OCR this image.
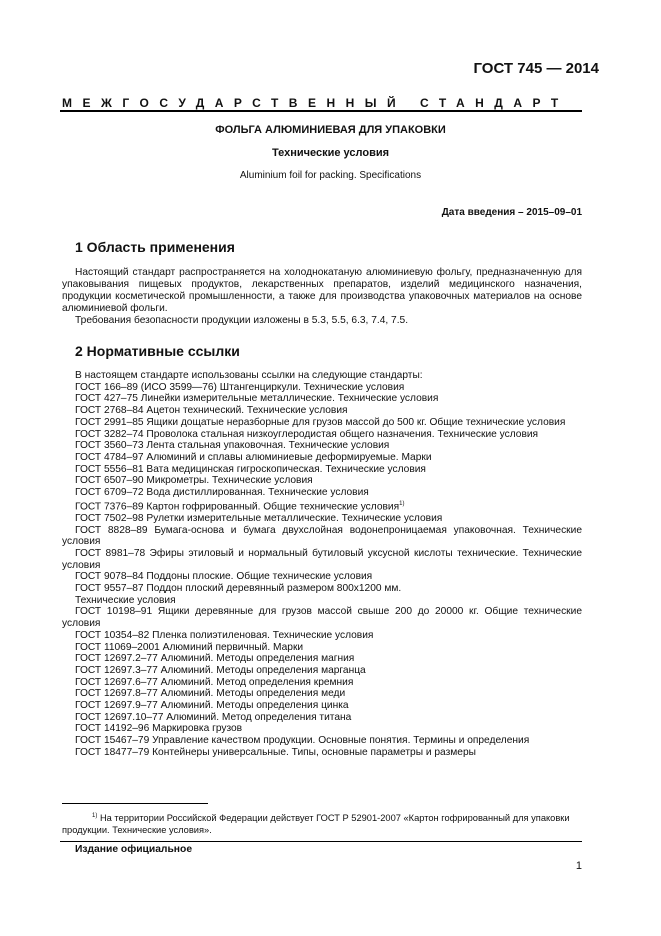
ГОСТ 745 — 2014
МЕЖГОСУДАРСТВЕННЫЙ СТАНДАРТ
ФОЛЬГА АЛЮМИНИЕВАЯ ДЛЯ УПАКОВКИ
Технические условия
Aluminium foil for packing. Specifications
Дата введения – 2015–09–01
1 Область применения

Настоящий стандарт распространяется на холоднокатаную алюминиевую фольгу, предназначенную для упаковывания пищевых продуктов, лекарственных препаратов, изделий медицинского назначения, продукции косметической промышленности, а также для производства упаковочных материалов на основе алюминиевой фольги.

Требования безопасности продукции изложены в 5.3, 5.5, 6.3, 7.4, 7.5.

2 Нормативные ссылки
В настоящем стандарте использованы ссылки на следующие стандарты:
ГОСТ 166–89 (ИСО 3599—76) Штангенциркули. Технические условия
ГОСТ 427–75 Линейки измерительные металлические. Технические условия
ГОСТ 2768–84 Ацетон технический. Технические условия
ГОСТ 2991–85 Ящики дощатые неразборные для грузов массой до 500 кг. Общие технические условия
ГОСТ 3282–74 Проволока стальная низкоуглеродистая общего назначения. Технические условия
ГОСТ 3560–73 Лента стальная упаковочная. Технические условия
ГОСТ 4784–97 Алюминий и сплавы алюминиевые деформируемые. Марки
ГОСТ 5556–81 Вата медицинская гигроскопическая. Технические условия
ГОСТ 6507–90 Микрометры. Технические условия
ГОСТ 6709–72 Вода дистиллированная. Технические условия
ГОСТ 7376–89 Картон гофрированный. Общие технические условия$^{1)}$
ГОСТ 7502–98 Рулетки измерительные металлические. Технические условия
ГОСТ 8828–89 Бумага-основа и бумага двухслойная водонепроницаемая упаковочная. Технические условия
ГОСТ 8981–78 Эфиры этиловый и нормальный бутиловый уксусной кислоты технические. Технические условия
ГОСТ 9078–84 Поддоны плоские. Общие технические условия
ГОСТ 9557–87 Поддон плоский деревянный размером 800х1200 мм.
Технические условия
ГОСТ 10198–91 Ящики деревянные для грузов массой свыше 200 до 20000 кг. Общие технические условия
ГОСТ 10354–82 Пленка полиэтиленовая. Технические условия
ГОСТ 11069–2001 Алюминий первичный. Марки
ГОСТ 12697.2–77 Алюминий. Методы определения магния
ГОСТ 12697.3–77 Алюминий. Методы определения марганца
ГОСТ 12697.6–77 Алюминий. Метод определения кремния
ГОСТ 12697.8–77 Алюминий. Методы определения меди
ГОСТ 12697.9–77 Алюминий. Методы определения цинка
ГОСТ 12697.10–77 Алюминий. Метод определения титана
ГОСТ 14192–96 Маркировка грузов
ГОСТ 15467–79 Управление качеством продукции. Основные понятия. Термины и определения
ГОСТ 18477–79 Контейнеры универсальные. Типы, основные параметры и размеры
$^{1)}$ На территории Российской Федерации действует ГОСТ Р 52901-2007 «Картон гофрированный для упаковки продукции. Технические условия».
Издание официальное
1
